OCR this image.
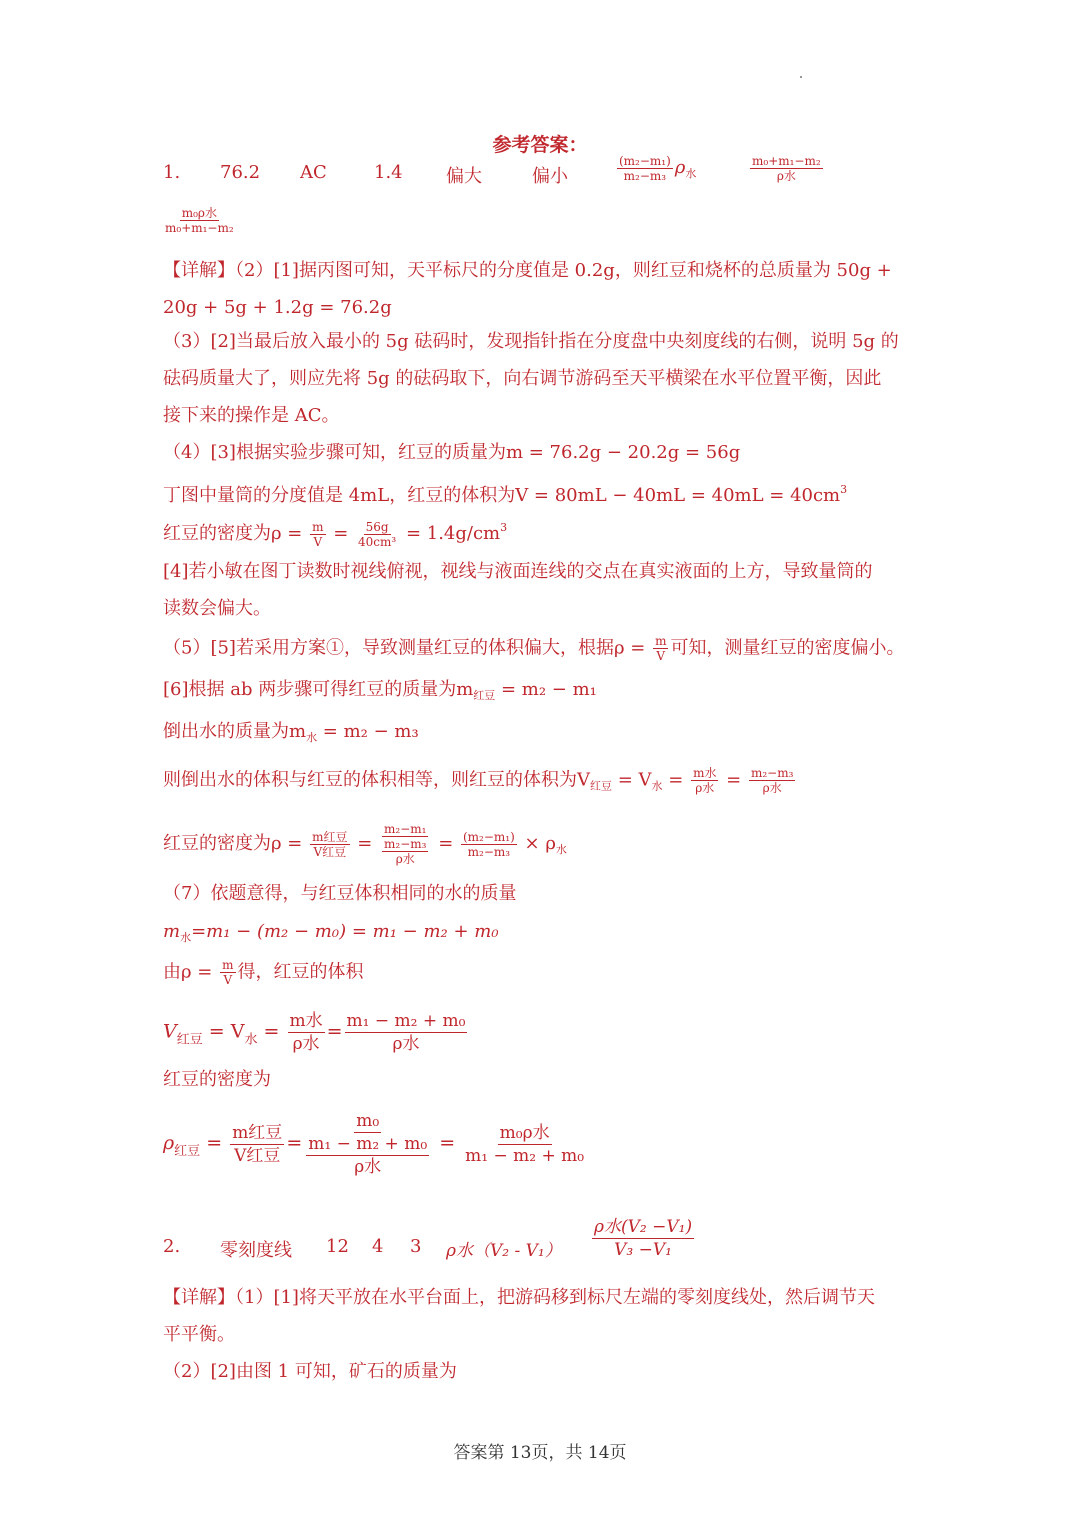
参考答案：
1. 76.2 AC	1.4 偏大	偏小	$\frac{\text{(m₂−m₁)}}{\text{m₂−m₃}} \rho_水$	$\frac{\text{m₀+m₁−m₂}}{\text{ρ水}}$
$\frac{\text{m₀ρ水}}{\text{m₀+m₁−m₂}}$
【详解】（2）[1]据丙图可知，天平标尺的分度值是 0.2g，则红豆和烧杯的总质量为 50g +
20g + 5g + 1.2g = 76.2g
（3）[2]当最后放入最小的 5g 砝码时，发现指针指在分度盘中央刻度线的右侧，说明 5g 的
砝码质量大了，则应先将 5g 的砝码取下，向右调节游码至天平横梁在水平位置平衡，因此
接下来的操作是 AC。
（4）[3]根据实验步骤可知，红豆的质量为m = 76.2g − 20.2g = 56g
丁图中量筒的分度值是 4mL，红豆的体积为$V = 80mL - 40mL = 40mL = 40cm^3$
红豆的密度为$\rho = \frac{m}{V} = \frac{56g}{\text{40cm³}} = 1.4g/cm^3$
[4]若小敏在图丁读数时视线俯视，视线与液面连线的交点在真实液面的上方，导致量筒的
读数会偏大。
（5）[5]若采用方案①，导致测量红豆的体积偏大，根据$\rho = \frac{m}{V}$ 可知，测量红豆的密度偏小。
[6]根据 ab 两步骤可得红豆的质量为$m_{红豆} = m_2 - m_1$
倒出水的质量为$m_水 = m_2 - m_3$
则倒出水的体积与红豆的体积相等，则红豆的体积为$V_{红豆} = V_水 = \frac{\text{m水}}{\text{ρ水}} = \frac{\text{m₂−m₃}}{\text{ρ水}}$
红豆的密度为$\rho = \frac{\text{m红豆}}{\text{V红豆}} = m_2-m_1$
m₂−m₃
ρ水 = $\frac{\text{(m₂−m₁)}}{\text{m₂−m₃}} \times \rho_水$
（7）依题意得，与红豆体积相同的水的质量
$m_水=m_1 - (m_2 - m_0) = m_1 - m_2 + m_0$
由$\rho = \frac{m}{V}$ 得，红豆的体积
$V_{红豆} = V_水 = \frac{\text{m水}}{\text{ρ水}} = \frac{\text{m₁ − m₂ + m₀}}{\text{ρ水}}$
红豆的密度为
$\rho_{红豆} = \frac{\text{m红豆}}{\text{V红豆}} = m_0$
m₁ − m₂ + m₀
ρ水 = $\frac{\text{m₀ρ水}}{\text{m₁ − m₂ + m₀}}$
2. 零刻度线 12 4 3 ρ水$(V_2 - V_1) \frac{\text{ρ水(V₂ −V₁)}}{\text{V₃ −V₁}}$
【详解】（1）[1]将天平放在水平台面上，把游码移到标尺左端的零刻度线处，然后调节天
平平衡。
（2）[2]由图 1 可知，矿石的质量为
答案第 13页，共 14页
